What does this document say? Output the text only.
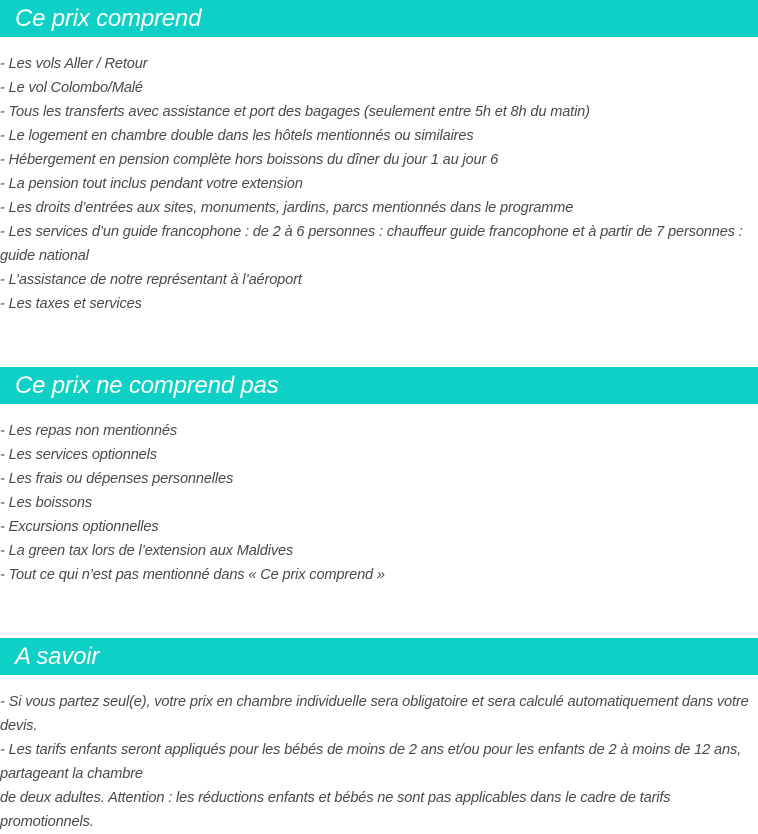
Ce prix comprend
- Les vols Aller / Retour
- Le vol Colombo/Malé
- Tous les transferts avec assistance et port des bagages (seulement entre 5h et 8h du matin)
- Le logement en chambre double dans les hôtels mentionnés ou similaires
- Hébergement en pension complète hors boissons du dîner du jour 1 au jour 6
- La pension tout inclus pendant votre extension
- Les droits d’entrées aux sites, monuments, jardins, parcs mentionnés dans le programme
- Les services d’un guide francophone : de 2 à 6 personnes : chauffeur guide francophone et à partir de 7 personnes : guide national
- L’assistance de notre représentant à l’aéroport
- Les taxes et services
Ce prix ne comprend pas
- Les repas non mentionnés
- Les services optionnels
- Les frais ou dépenses personnelles
- Les boissons
- Excursions optionnelles
- La green tax lors de l’extension aux Maldives
- Tout ce qui n’est pas mentionné dans « Ce prix comprend »
A savoir
- Si vous partez seul(e), votre prix en chambre individuelle sera obligatoire et sera calculé automatiquement dans votre devis.
- Les tarifs enfants seront appliqués pour les bébés de moins de 2 ans et/ou pour les enfants de 2 à moins de 12 ans, partageant la chambre
de deux adultes. Attention : les réductions enfants et bébés ne sont pas applicables dans le cadre de tarifs promotionnels.
